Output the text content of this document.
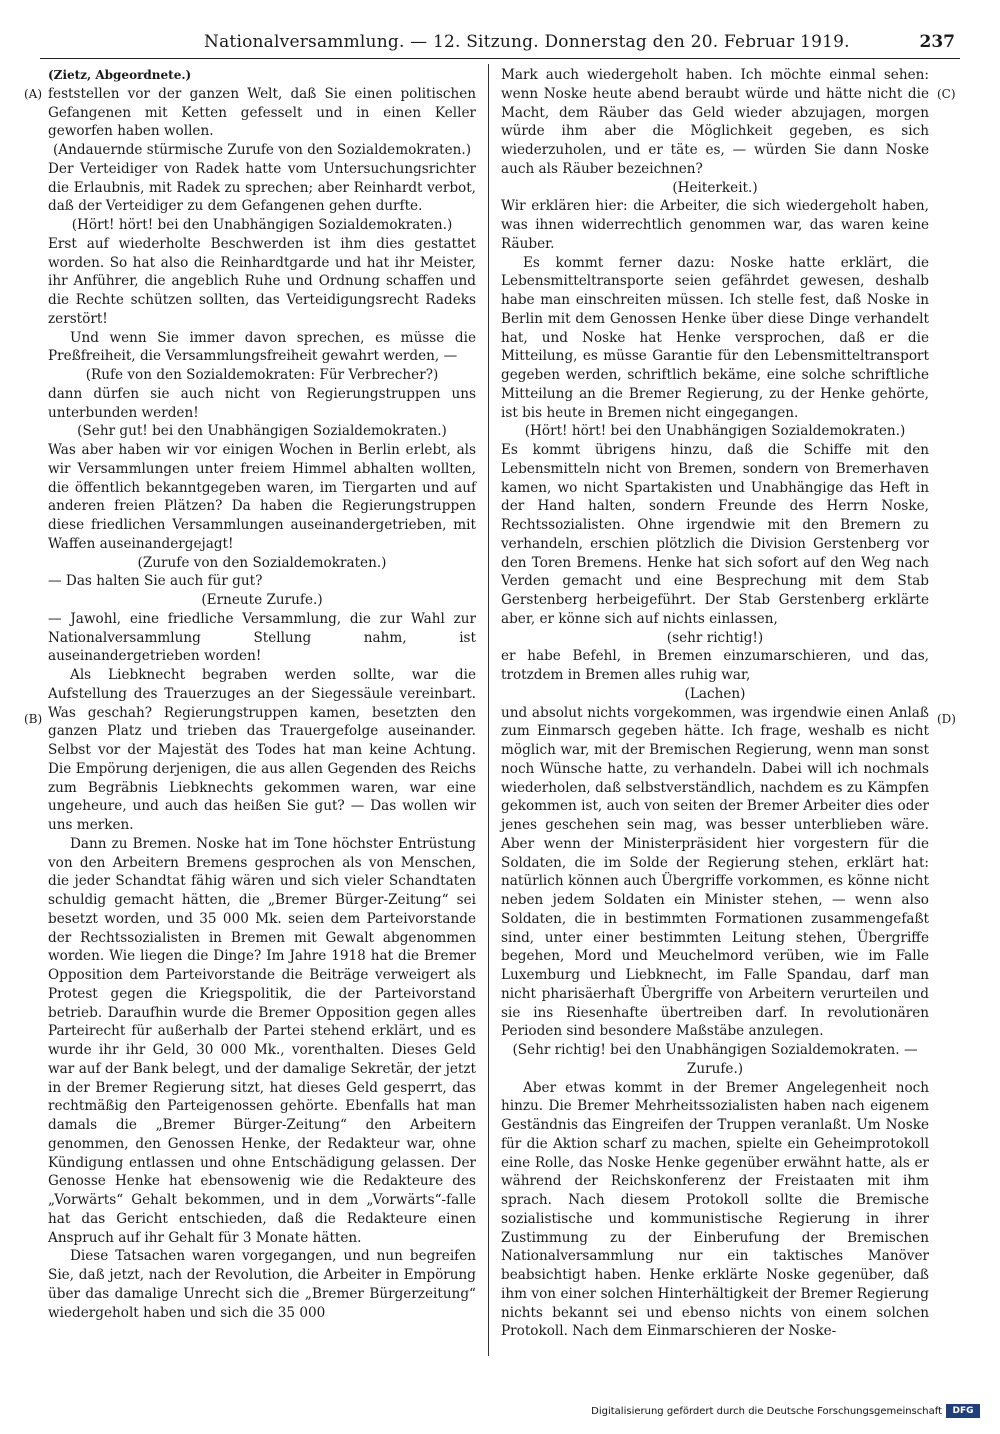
Nationalversammlung. — 12. Sitzung. Donnerstag den 20. Februar 1919.	237
(A)
(B)
(C)
(D)

(Zietz, Abgeordnete.)

feststellen vor der ganzen Welt, daß Sie einen politischen Gefangenen mit Ketten gefesselt und in einen Keller geworfen haben wollen.

(Andauernde stürmische Zurufe von den Sozialdemokraten.)

Der Verteidiger von Radek hatte vom Untersuchungsrichter die Erlaubnis, mit Radek zu sprechen; aber Reinhardt verbot, daß der Verteidiger zu dem Gefangenen gehen durfte.

(Hört! hört! bei den Unabhängigen Sozialdemokraten.)

Erst auf wiederholte Beschwerden ist ihm dies gestattet worden. So hat also die Reinhardtgarde und hat ihr Meister, ihr Anführer, die angeblich Ruhe und Ordnung schaffen und die Rechte schützen sollten, das Verteidigungsrecht Radeks zerstört!

Und wenn Sie immer davon sprechen, es müsse die Preßfreiheit, die Versammlungsfreiheit gewahrt werden, —

(Rufe von den Sozialdemokraten: Für Verbrecher?)

dann dürfen sie auch nicht von Regierungstruppen uns unterbunden werden!

(Sehr gut! bei den Unabhängigen Sozialdemokraten.)

Was aber haben wir vor einigen Wochen in Berlin erlebt, als wir Versammlungen unter freiem Himmel abhalten wollten, die öffentlich bekanntgegeben waren, im Tiergarten und auf anderen freien Plätzen? Da haben die Regierungstruppen diese friedlichen Versammlungen auseinandergetrieben, mit Waffen auseinandergejagt!

(Zurufe von den Sozialdemokraten.)

— Das halten Sie auch für gut?

(Erneute Zurufe.)

— Jawohl, eine friedliche Versammlung, die zur Wahl zur Nationalversammlung Stellung nahm, ist auseinandergetrieben worden!

Als Liebknecht begraben werden sollte, war die Aufstellung des Trauerzuges an der Siegessäule vereinbart. Was geschah? Regierungstruppen kamen, besetzten den ganzen Platz und trieben das Trauergefolge auseinander. Selbst vor der Majestät des Todes hat man keine Achtung. Die Empörung derjenigen, die aus allen Gegenden des Reichs zum Begräbnis Liebknechts gekommen waren, war eine ungeheure, und auch das heißen Sie gut? — Das wollen wir uns merken.

Dann zu Bremen. Noske hat im Tone höchster Entrüstung von den Arbeitern Bremens gesprochen als von Menschen, die jeder Schandtat fähig wären und sich vieler Schandtaten schuldig gemacht hätten, die „Bremer Bürger-Zeitung“ sei besetzt worden, und 35 000 Mk. seien dem Parteivorstande der Rechtssozialisten in Bremen mit Gewalt abgenommen worden. Wie liegen die Dinge? Im Jahre 1918 hat die Bremer Opposition dem Parteivorstande die Beiträge verweigert als Protest gegen die Kriegspolitik, die der Parteivorstand betrieb. Daraufhin wurde die Bremer Opposition gegen alles Parteirecht für außerhalb der Partei stehend erklärt, und es wurde ihr ihr Geld, 30 000 Mk., vorenthalten. Dieses Geld war auf der Bank belegt, und der damalige Sekretär, der jetzt in der Bremer Regierung sitzt, hat dieses Geld gesperrt, das rechtmäßig den Parteigenossen gehörte. Ebenfalls hat man damals die „Bremer Bürger-Zeitung“ den Arbeitern genommen, den Genossen Henke, der Redakteur war, ohne Kündigung entlassen und ohne Entschädigung gelassen. Der Genosse Henke hat ebensowenig wie die Redakteure des „Vorwärts“ Gehalt bekommen, und in dem „Vorwärts“-falle hat das Gericht entschieden, daß die Redakteure einen Anspruch auf ihr Gehalt für 3 Monate hätten.

Diese Tatsachen waren vorgegangen, und nun begreifen Sie, daß jetzt, nach der Revolution, die Arbeiter in Empörung über das damalige Unrecht sich die „Bremer Bürgerzeitung“ wiedergeholt haben und sich die 35 000

Mark auch wiedergeholt haben. Ich möchte einmal sehen: wenn Noske heute abend beraubt würde und hätte nicht die Macht, dem Räuber das Geld wieder abzujagen, morgen würde ihm aber die Möglichkeit gegeben, es sich wiederzuholen, und er täte es, — würden Sie dann Noske auch als Räuber bezeichnen?

(Heiterkeit.)

Wir erklären hier: die Arbeiter, die sich wiedergeholt haben, was ihnen widerrechtlich genommen war, das waren keine Räuber.

Es kommt ferner dazu: Noske hatte erklärt, die Lebensmitteltransporte seien gefährdet gewesen, deshalb habe man einschreiten müssen. Ich stelle fest, daß Noske in Berlin mit dem Genossen Henke über diese Dinge verhandelt hat, und Noske hat Henke versprochen, daß er die Mitteilung, es müsse Garantie für den Lebensmitteltransport gegeben werden, schriftlich bekäme, eine solche schriftliche Mitteilung an die Bremer Regierung, zu der Henke gehörte, ist bis heute in Bremen nicht eingegangen.

(Hört! hört! bei den Unabhängigen Sozialdemokraten.)

Es kommt übrigens hinzu, daß die Schiffe mit den Lebensmitteln nicht von Bremen, sondern von Bremerhaven kamen, wo nicht Spartakisten und Unabhängige das Heft in der Hand halten, sondern Freunde des Herrn Noske, Rechtssozialisten. Ohne irgendwie mit den Bremern zu verhandeln, erschien plötzlich die Division Gerstenberg vor den Toren Bremens. Henke hat sich sofort auf den Weg nach Verden gemacht und eine Besprechung mit dem Stab Gerstenberg herbeigeführt. Der Stab Gerstenberg erklärte aber, er könne sich auf nichts einlassen,

(sehr richtig!)

er habe Befehl, in Bremen einzumarschieren, und das, trotzdem in Bremen alles ruhig war,

(Lachen)

und absolut nichts vorgekommen, was irgendwie einen Anlaß zum Einmarsch gegeben hätte. Ich frage, weshalb es nicht möglich war, mit der Bremischen Regierung, wenn man sonst noch Wünsche hatte, zu verhandeln. Dabei will ich nochmals wiederholen, daß selbstverständlich, nachdem es zu Kämpfen gekommen ist, auch von seiten der Bremer Arbeiter dies oder jenes geschehen sein mag, was besser unterblieben wäre. Aber wenn der Ministerpräsident hier vorgestern für die Soldaten, die im Solde der Regierung stehen, erklärt hat: natürlich können auch Übergriffe vorkommen, es könne nicht neben jedem Soldaten ein Minister stehen, — wenn also Soldaten, die in bestimmten Formationen zusammengefaßt sind, unter einer bestimmten Leitung stehen, Übergriffe begehen, Mord und Meuchelmord verüben, wie im Falle Luxemburg und Liebknecht, im Falle Spandau, darf man nicht pharisäerhaft Übergriffe von Arbeitern verurteilen und sie ins Riesenhafte übertreiben darf. In revolutionären Perioden sind besondere Maßstäbe anzulegen.

(Sehr richtig! bei den Unabhängigen Sozialdemokraten. — Zurufe.)

Aber etwas kommt in der Bremer Angelegenheit noch hinzu. Die Bremer Mehrheitssozialisten haben nach eigenem Geständnis das Eingreifen der Truppen veranlaßt. Um Noske für die Aktion scharf zu machen, spielte ein Geheimprotokoll eine Rolle, das Noske Henke gegenüber erwähnt hatte, als er während der Reichskonferenz der Freistaaten mit ihm sprach. Nach diesem Protokoll sollte die Bremische sozialistische und kommunistische Regierung in ihrer Zustimmung zu der Einberufung der Bremischen Nationalversammlung nur ein taktisches Manöver beabsichtigt haben. Henke erklärte Noske gegenüber, daß ihm von einer solchen Hinterhältigkeit der Bremer Regierung nichts bekannt sei und ebenso nichts von einem solchen Protokoll. Nach dem Einmarschieren der Noske-

Digitalisierung gefördert durch die Deutsche Forschungsgemeinschaft	DFG
